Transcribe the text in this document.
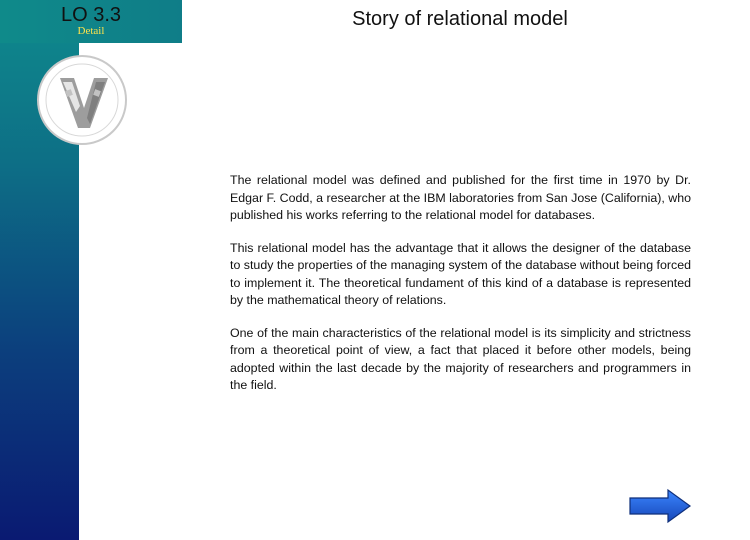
LO 3.3
Detail
Story of relational model

The relational model was defined and published for the first time in 1970 by Dr. Edgar F. Codd, a researcher at the IBM laboratories from San Jose (California), who published his works referring to the relational model for databases.

This relational model has the advantage that it allows the designer of the database to study the properties of the managing system of the database without being forced to implement it. The theoretical fundament of this kind of a database is represented by the mathematical theory of relations.

One of the main characteristics of the relational model is its simplicity and strictness from a theoretical point of view, a fact that placed it before other models, being adopted within the last decade by the majority of researchers and programmers in the field.
